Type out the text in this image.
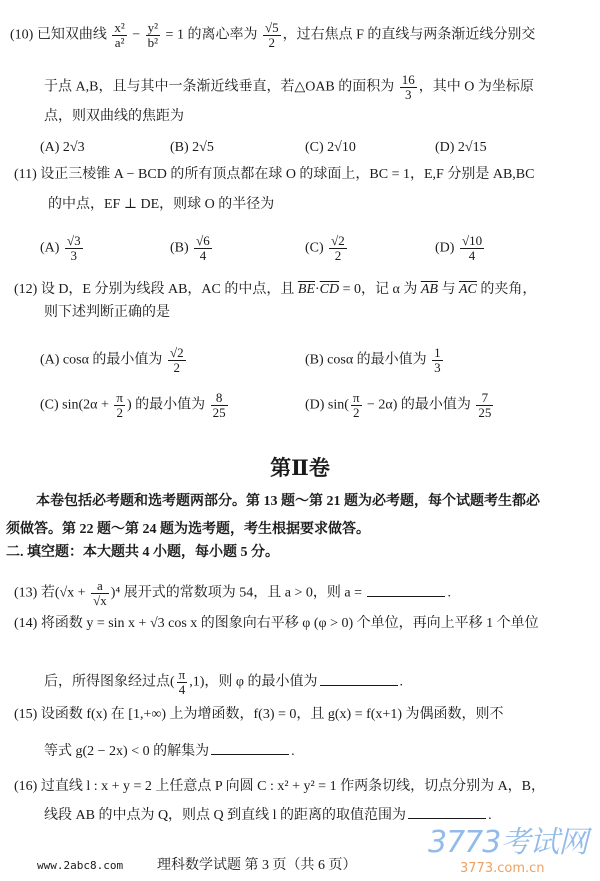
(10) 已知双曲线 $\frac{\text{x²}}{\text{a²}} - \frac{\text{y²}}{\text{b²}} = 1$ 的离心率为 $\frac{√5}{2}$ ，过右焦点 F 的直线与两条渐近线分别交
于点 A,B，且与其中一条渐近线垂直，若△OAB 的面积为 $\frac{16}{3}$ ，其中 O 为坐标原
点，则双曲线的焦距为
(A) 2√3	(B) 2√5	(C) 2√10	(D) 2√15
(11) 设正三棱锥 A − BCD 的所有顶点都在球 O 的球面上，BC = 1，E,F 分别是 AB,BC
的中点，EF ⊥ DE，则球 O 的半径为
$(A) \frac{√3}{3}$	$(B) \frac{√6}{4}$	$(C) \frac{√2}{2}$	$(D) \frac{√10}{4}$
(12) 设 D，E 分别为线段 AB，AC 的中点，且 $\overline{BE}\cdot\overline{CD} = 0$，记 α 为 $\overline{AB}$ 与 $\overline{AC}$ 的夹角，
则下述判断正确的是
(A) cosα 的最小值为 $\frac{√2}{2}$	(B) cosα 的最小值为 $\frac{1}{3}$
(C) $\sin(2\alpha + \frac{\pi}{2}$ ) 的最小值为 $\frac{8}{25}$	(D) $\sin( \frac{\pi}{2} - 2\alpha)$ 的最小值为 $\frac{7}{25}$
本卷包括必考题和选考题两部分。第 13 题～第 21 题为必考题，每个试题考生都必
须做答。第 22 题～第 24 题为选考题，考生根据要求做答。
二. 填空题：本大题共 4 小题，每小题 5 分。
(13) 若$(√x + \frac{a}{√x} )^4$ 展开式的常数项为 54，且 a > 0，则 a =	.
(14) 将函数 y = sin x + √3 cos x 的图象向右平移 φ (φ > 0) 个单位，再向上平移 1 个单位
后，所得图象经过点( $\frac{\pi}{4} ,1$)，则 φ 的最小值为	.
(15) 设函数 f(x) 在 [1,+∞) 上为增函数，f(3) = 0，且 g(x) = f(x+1) 为偶函数，则不
等式 g(2 − 2x) < 0 的解集为	.
(16) 过直线 l : x + y = 2 上任意点 P 向圆 C : x² + y² = 1 作两条切线，切点分别为 A，B，
线段 AB 的中点为 Q，则点 Q 到直线 l 的距离的取值范围为	.
第Ⅱ卷
www.2abc8.com 理科数学试题 第 3 页（共 6 页）
3773考试网
3773.com.cn
